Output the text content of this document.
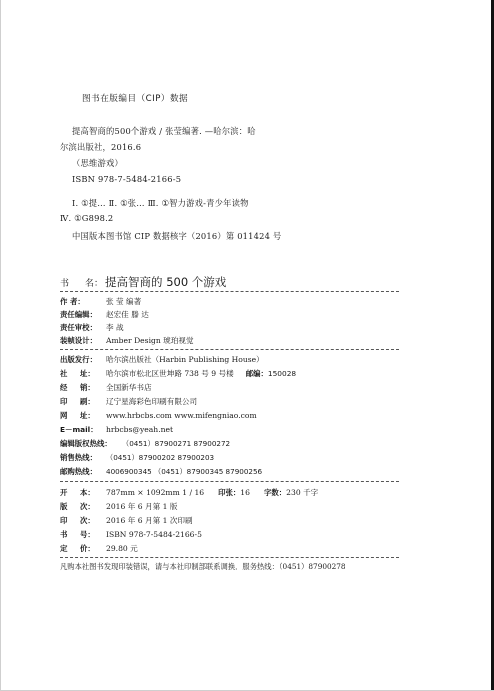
图书在版编目（CIP）数据
提高智商的500个游戏 / 张莹编著. —哈尔滨：哈
尔滨出版社，2016.6
（思维游戏）
ISBN 978-7-5484-2166-5
Ⅰ. ①提… Ⅱ. ①张… Ⅲ. ①智力游戏-青少年读物
Ⅳ. ①G898.2
中国版本图书馆 CIP 数据核字（2016）第 011424 号
书 名： 提高智商的 500 个游戏
作 者：	张 莹 编著
责任编辑： 赵宏佳 滕 达
责任审校： 李 战
装帧设计： Amber Design 琥珀视觉
出版发行： 哈尔滨出版社（Harbin Publishing House）
社 址： 哈尔滨市松北区世坤路 738 号 9 号楼 邮编：150028
经 销： 全国新华书店
印 刷： 辽宁星海彩色印刷有限公司
网 址： www.hrbcbs.com www.mifengniao.com
E－mail： hrbcbs@yeah.net
编辑版权热线： （0451）87900271 87900272
销售热线： （0451）87900202 87900203
邮购热线： 4006900345 （0451）87900345 87900256
开 本： 787mm × 1092mm 1 / 16 印张：16 字数：230 千字
版 次： 2016 年 6 月第 1 版
印 次： 2016 年 6 月第 1 次印刷
书 号： ISBN 978-7-5484-2166-5
定 价： 29.80 元
凡购本社图书发现印装错误，请与本社印制部联系调换．服务热线：（0451）87900278
